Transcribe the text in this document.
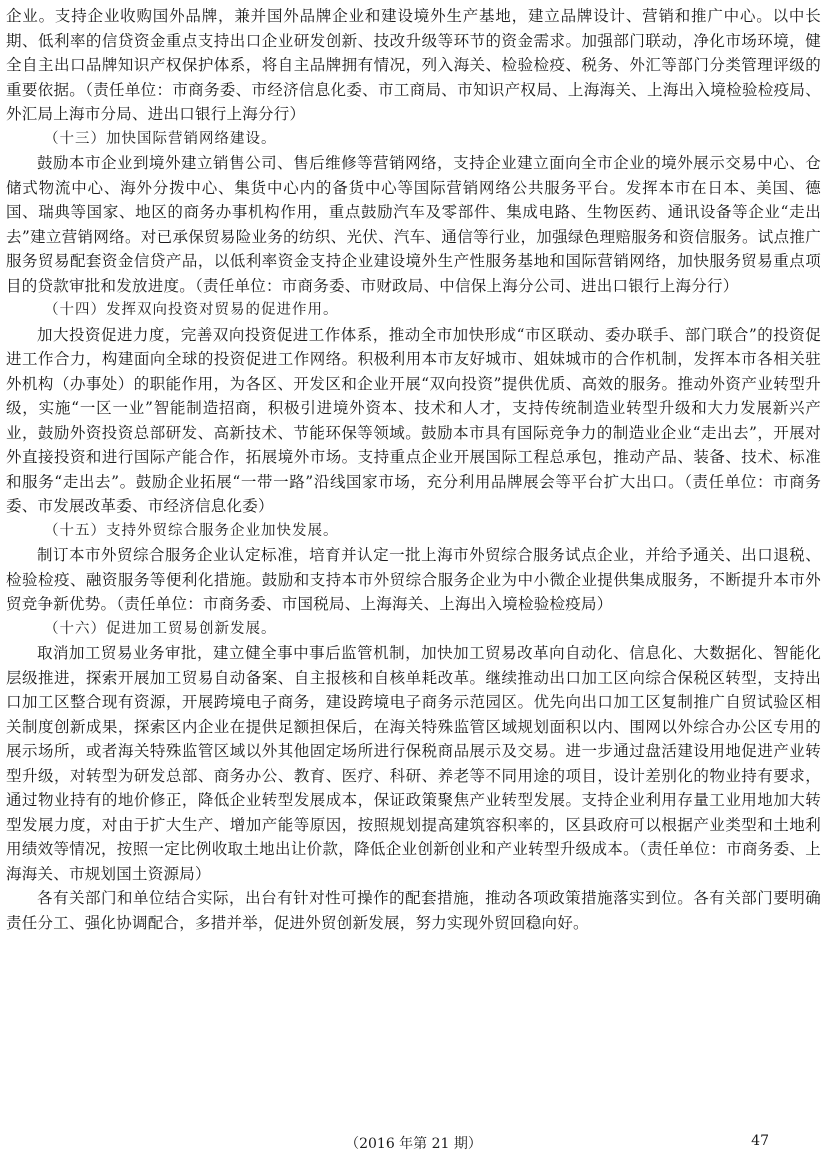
企业。支持企业收购国外品牌，兼并国外品牌企业和建设境外生产基地，建立品牌设计、营销和推广中心。以中长期、低利率的信贷资金重点支持出口企业研发创新、技改升级等环节的资金需求。加强部门联动，净化市场环境，健全自主出口品牌知识产权保护体系，将自主品牌拥有情况，列入海关、检验检疫、税务、外汇等部门分类管理评级的重要依据。（责任单位：市商务委、市经济信息化委、市工商局、市知识产权局、上海海关、上海出入境检验检疫局、外汇局上海市分局、进出口银行上海分行）

（十三）加快国际营销网络建设。

鼓励本市企业到境外建立销售公司、售后维修等营销网络，支持企业建立面向全市企业的境外展示交易中心、仓储式物流中心、海外分拨中心、集货中心内的备货中心等国际营销网络公共服务平台。发挥本市在日本、美国、德国、瑞典等国家、地区的商务办事机构作用，重点鼓励汽车及零部件、集成电路、生物医药、通讯设备等企业“走出去”建立营销网络。对已承保贸易险业务的纺织、光伏、汽车、通信等行业，加强绿色理赔服务和资信服务。试点推广服务贸易配套资金信贷产品，以低利率资金支持企业建设境外生产性服务基地和国际营销网络，加快服务贸易重点项目的贷款审批和发放进度。（责任单位：市商务委、市财政局、中信保上海分公司、进出口银行上海分行）

（十四）发挥双向投资对贸易的促进作用。

加大投资促进力度，完善双向投资促进工作体系，推动全市加快形成“市区联动、委办联手、部门联合”的投资促进工作合力，构建面向全球的投资促进工作网络。积极利用本市友好城市、姐妹城市的合作机制，发挥本市各相关驻外机构（办事处）的职能作用，为各区、开发区和企业开展“双向投资”提供优质、高效的服务。推动外资产业转型升级，实施“一区一业”智能制造招商，积极引进境外资本、技术和人才，支持传统制造业转型升级和大力发展新兴产业，鼓励外资投资总部研发、高新技术、节能环保等领域。鼓励本市具有国际竞争力的制造业企业“走出去”，开展对外直接投资和进行国际产能合作，拓展境外市场。支持重点企业开展国际工程总承包，推动产品、装备、技术、标准和服务“走出去”。鼓励企业拓展“一带一路”沿线国家市场，充分利用品牌展会等平台扩大出口。（责任单位：市商务委、市发展改革委、市经济信息化委）

（十五）支持外贸综合服务企业加快发展。

制订本市外贸综合服务企业认定标准，培育并认定一批上海市外贸综合服务试点企业，并给予通关、出口退税、检验检疫、融资服务等便利化措施。鼓励和支持本市外贸综合服务企业为中小微企业提供集成服务，不断提升本市外贸竞争新优势。（责任单位：市商务委、市国税局、上海海关、上海出入境检验检疫局）

（十六）促进加工贸易创新发展。

取消加工贸易业务审批，建立健全事中事后监管机制，加快加工贸易改革向自动化、信息化、大数据化、智能化层级推进，探索开展加工贸易自动备案、自主报核和自核单耗改革。继续推动出口加工区向综合保税区转型，支持出口加工区整合现有资源，开展跨境电子商务，建设跨境电子商务示范园区。优先向出口加工区复制推广自贸试验区相关制度创新成果，探索区内企业在提供足额担保后，在海关特殊监管区域规划面积以内、围网以外综合办公区专用的展示场所，或者海关特殊监管区域以外其他固定场所进行保税商品展示及交易。进一步通过盘活建设用地促进产业转型升级，对转型为研发总部、商务办公、教育、医疗、科研、养老等不同用途的项目，设计差别化的物业持有要求，通过物业持有的地价修正，降低企业转型发展成本，保证政策聚焦产业转型发展。支持企业利用存量工业用地加大转型发展力度，对由于扩大生产、增加产能等原因，按照规划提高建筑容积率的，区县政府可以根据产业类型和土地利用绩效等情况，按照一定比例收取土地出让价款，降低企业创新创业和产业转型升级成本。（责任单位：市商务委、上海海关、市规划国土资源局）

各有关部门和单位结合实际，出台有针对性可操作的配套措施，推动各项政策措施落实到位。各有关部门要明确责任分工、强化协调配合，多措并举，促进外贸创新发展，努力实现外贸回稳向好。

（2016 年第 21 期）	47
